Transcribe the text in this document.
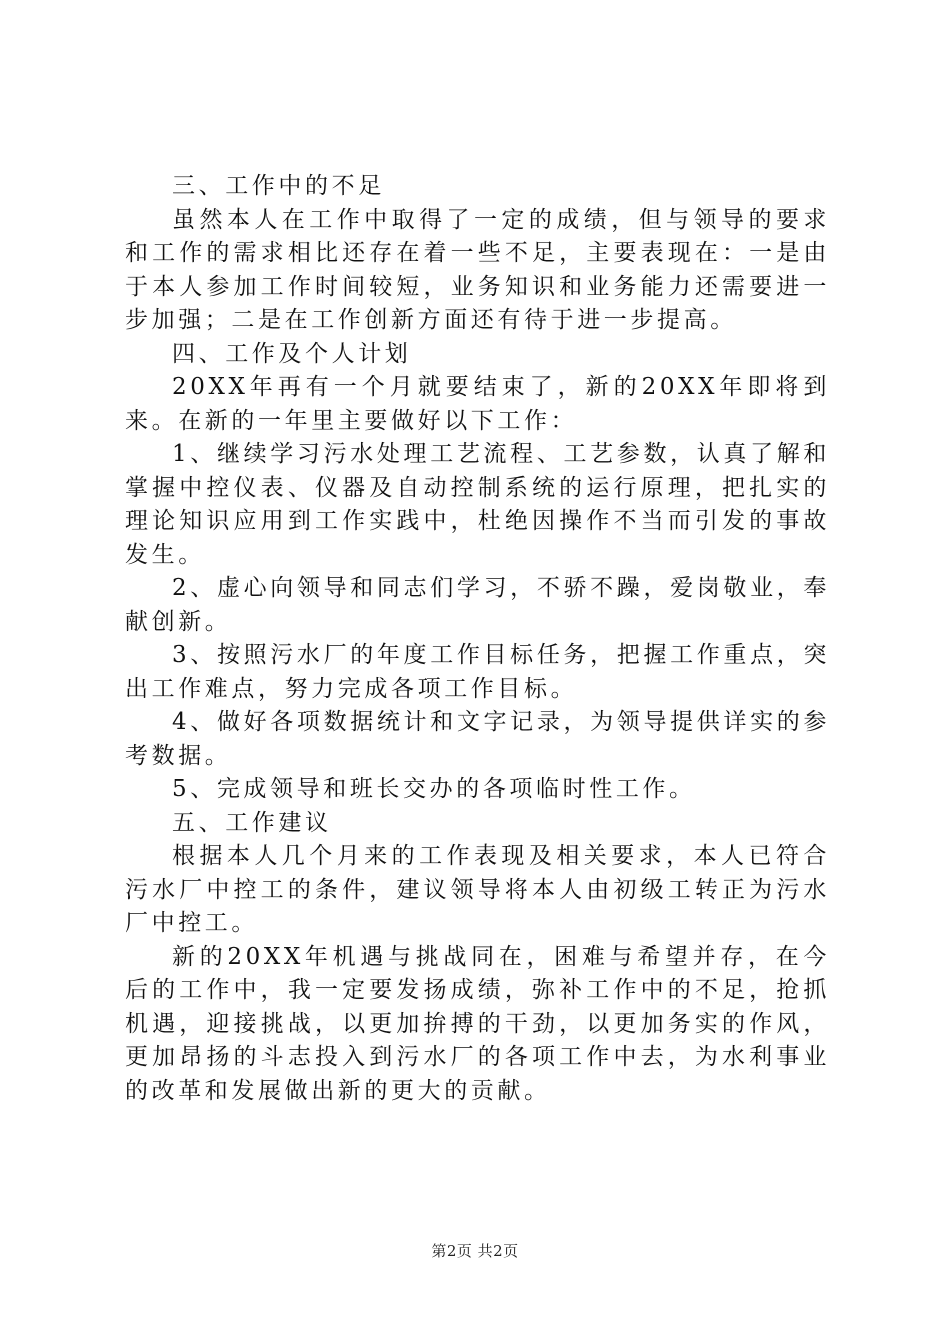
三、工作中的不足

虽然本人在工作中取得了一定的成绩，但与领导的要求和工作的需求相比还存在着一些不足，主要表现在：一是由于本人参加工作时间较短，业务知识和业务能力还需要进一步加强；二是在工作创新方面还有待于进一步提高。

四、工作及个人计划

20XX年再有一个月就要结束了，新的20XX年即将到来。在新的一年里主要做好以下工作：

1、继续学习污水处理工艺流程、工艺参数，认真了解和掌握中控仪表、仪器及自动控制系统的运行原理，把扎实的理论知识应用到工作实践中，杜绝因操作不当而引发的事故发生。

2、虚心向领导和同志们学习，不骄不躁，爱岗敬业，奉献创新。

3、按照污水厂的年度工作目标任务，把握工作重点，突出工作难点，努力完成各项工作目标。

4、做好各项数据统计和文字记录，为领导提供详实的参考数据。

5、完成领导和班长交办的各项临时性工作。

五、工作建议

根据本人几个月来的工作表现及相关要求，本人已符合污水厂中控工的条件，建议领导将本人由初级工转正为污水厂中控工。

新的20XX年机遇与挑战同在，困难与希望并存，在今后的工作中，我一定要发扬成绩，弥补工作中的不足，抢抓机遇，迎接挑战，以更加拚搏的干劲，以更加务实的作风，更加昂扬的斗志投入到污水厂的各项工作中去，为水利事业的改革和发展做出新的更大的贡献。

第2页 共2页
